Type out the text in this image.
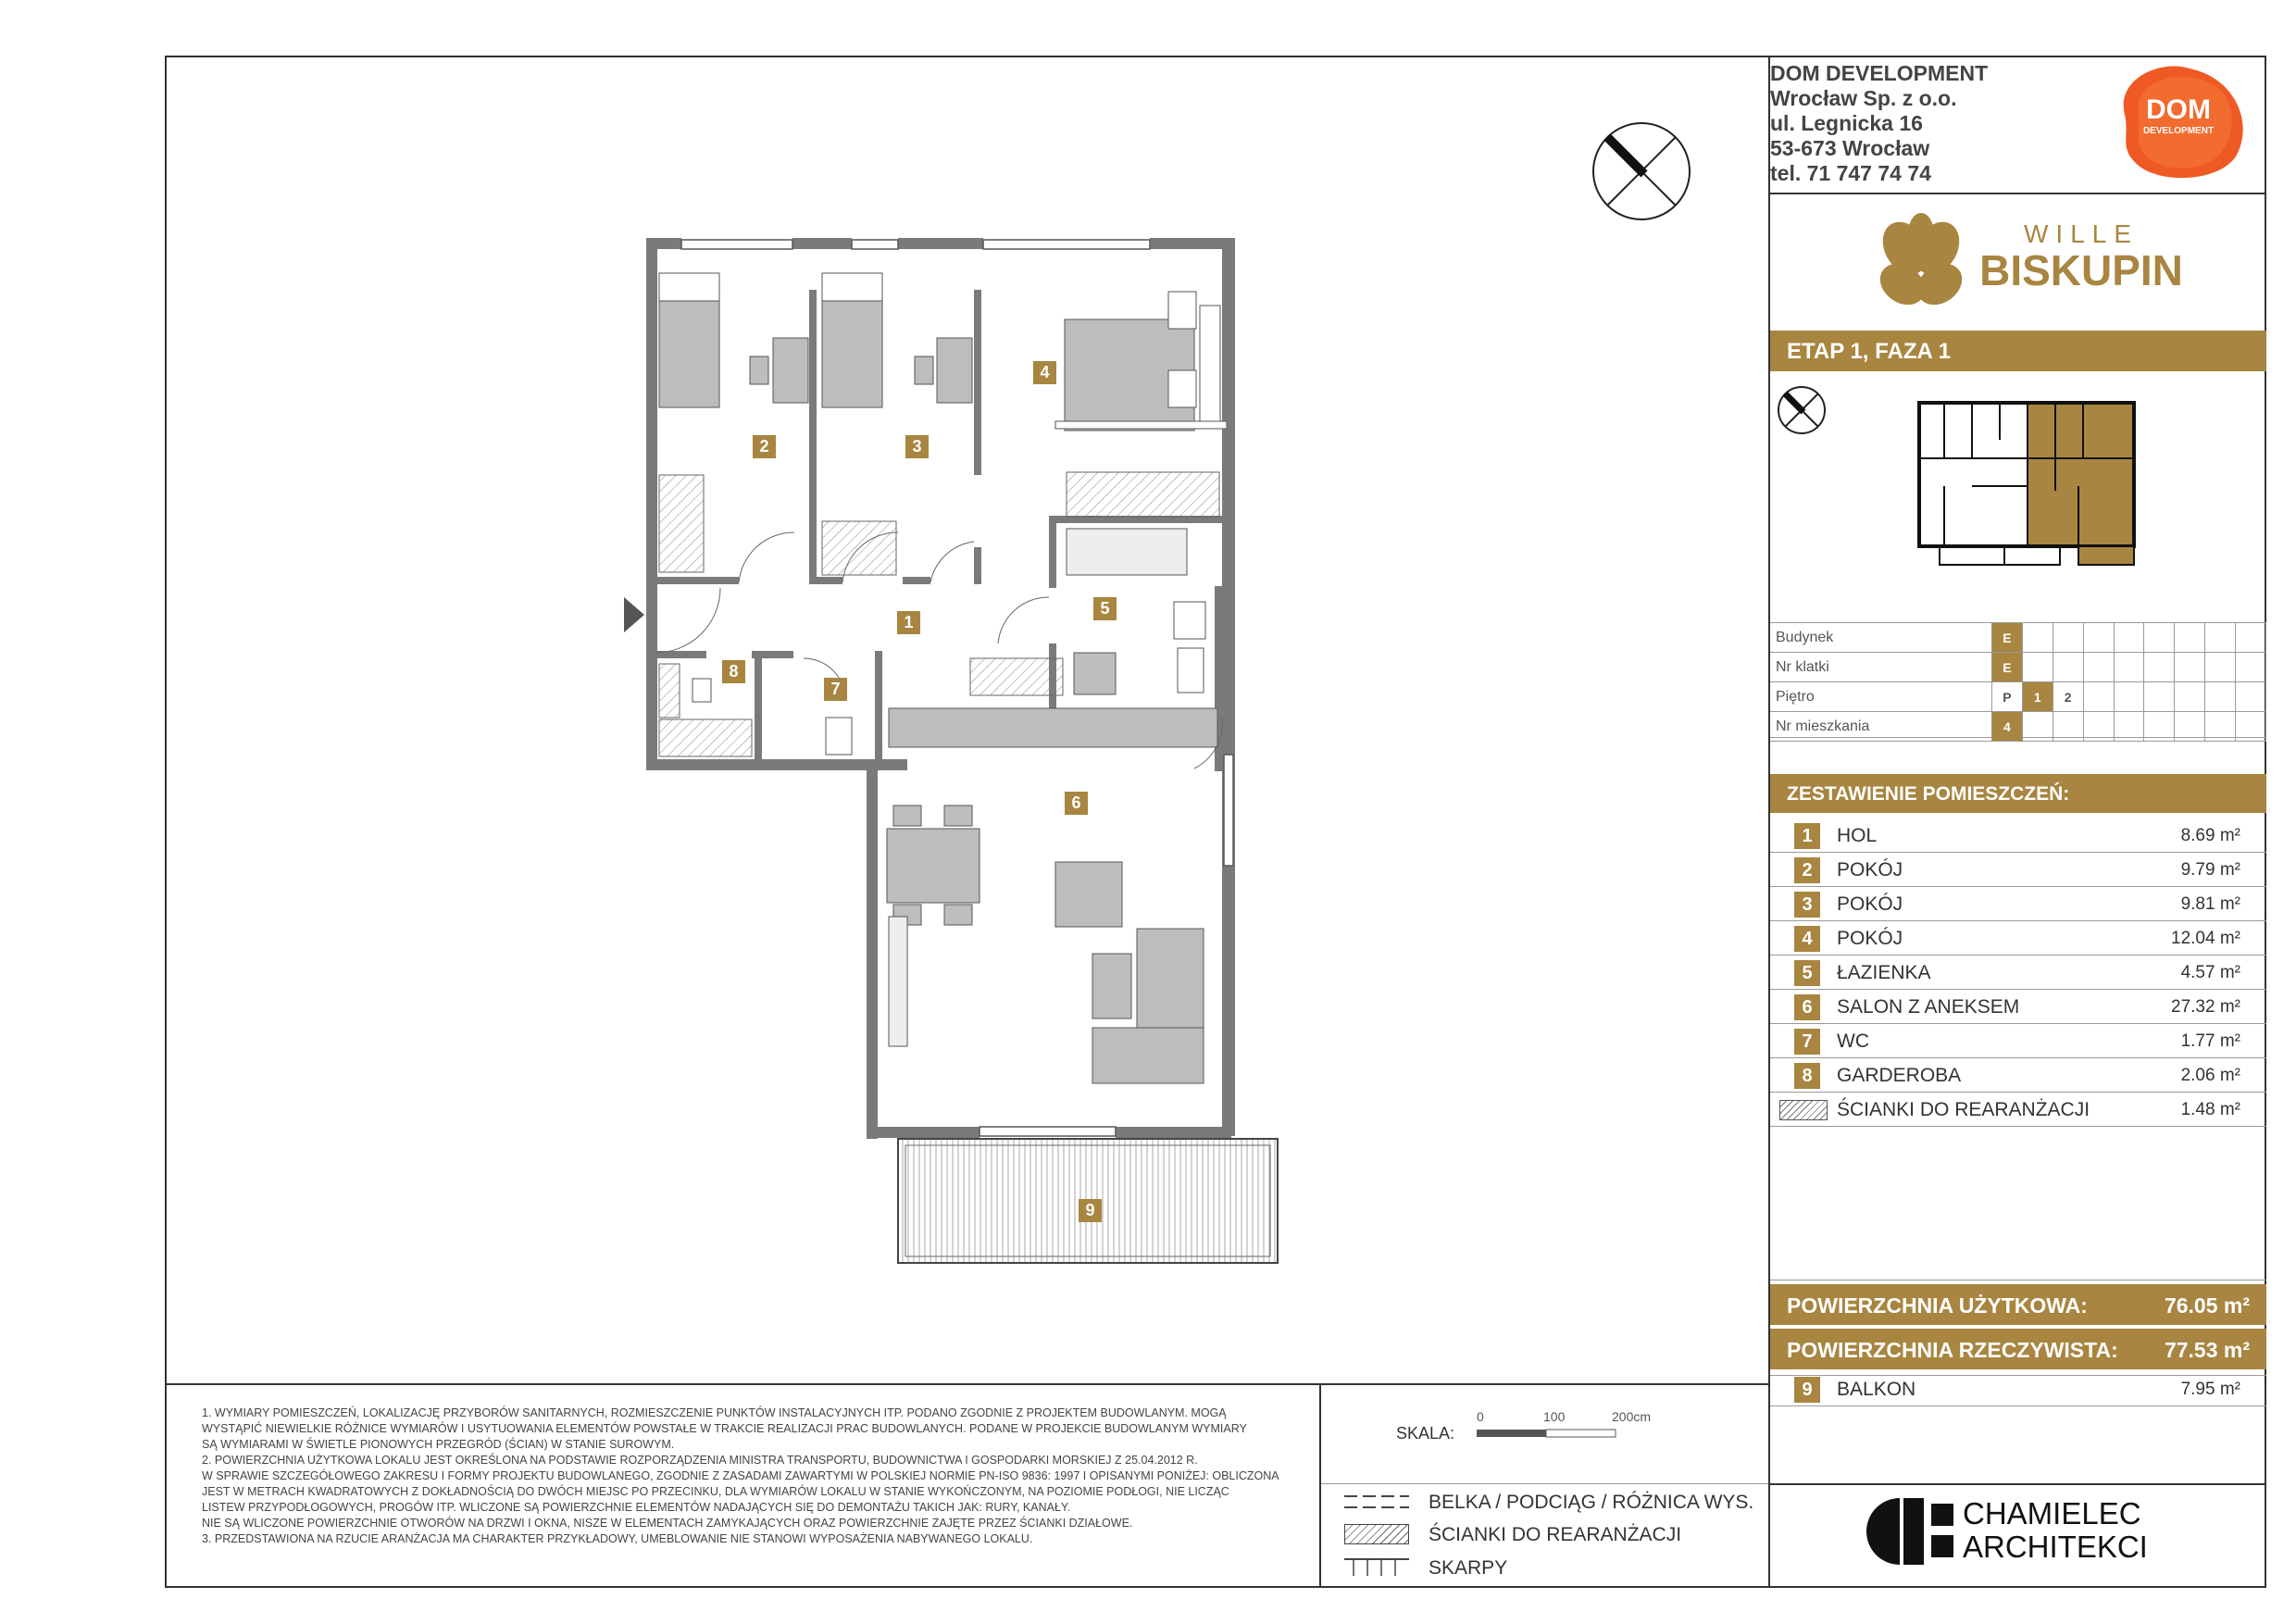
DOM DEVELOPMENT
Wrocław Sp. z o.o.
ul. Legnicka 16
53-673 Wrocław
tel. 71 747 74 74
DOM
DEVELOPMENT
WILLE
BISKUPIN
ETAP 1, FAZA 1
Budynek	E								
Nr klatki	E								
Piętro	P	1	2						
Nr mieszkania	4								
ZESTAWIENIE POMIESZCZEŃ:
1	HOL	8.69 m²
2	POKÓJ	9.79 m²
3	POKÓJ	9.81 m²
4	POKÓJ	12.04 m²
5	ŁAZIENKA	4.57 m²
6	SALON Z ANEKSEM	27.32 m²
7	WC	1.77 m²
8	GARDEROBA	2.06 m²
ŚCIANKI DO REARANŻACJI	1.48 m²
POWIERZCHNIA UŻYTKOWA:	76.05 m²
POWIERZCHNIA RZECZYWISTA: 77.53 m²
9	BALKON	7.95 m²
CHAMIELEC
ARCHITEKCI
1. WYMIARY POMIESZCZEŃ, LOKALIZACJĘ PRZYBORÓW SANITARNYCH, ROZMIESZCZENIE PUNKTÓW INSTALACYJNYCH ITP. PODANO ZGODNIE Z PROJEKTEM BUDOWLANYM. MOGĄ
WYSTĄPIĆ NIEWIELKIE RÓŻNICE WYMIARÓW I USYTUOWANIA ELEMENTÓW POWSTAŁE W TRAKCIE REALIZACJI PRAC BUDOWLANYCH. PODANE W PROJEKCIE BUDOWLANYM WYMIARY
SĄ WYMIARAMI W ŚWIETLE PIONOWYCH PRZEGRÓD (ŚCIAN) W STANIE SUROWYM.
2. POWIERZCHNIA UŻYTKOWA LOKALU JEST OKREŚLONA NA PODSTAWIE ROZPORZĄDZENIA MINISTRA TRANSPORTU, BUDOWNICTWA I GOSPODARKI MORSKIEJ Z 25.04.2012 R.
W SPRAWIE SZCZEGÓŁOWEGO ZAKRESU I FORMY PROJEKTU BUDOWLANEGO, ZGODNIE Z ZASADAMI ZAWARTYMI W POLSKIEJ NORMIE PN-ISO 9836: 1997 I OPISANYMI PONIŻEJ: OBLICZONA
JEST W METRACH KWADRATOWYCH Z DOKŁADNOŚCIĄ DO DWÓCH MIEJSC PO PRZECINKU, DLA WYMIARÓW LOKALU W STANIE WYKOŃCZONYM, NA POZIOMIE PODŁOGI, NIE LICZĄC
LISTEW PRZYPODŁOGOWYCH, PROGÓW ITP. WLICZONE SĄ POWIERZCHNIE ELEMENTÓW NADAJĄCYCH SIĘ DO DEMONTAŻU TAKICH JAK: RURY, KANAŁY.
NIE SĄ WLICZONE POWIERZCHNIE OTWORÓW NA DRZWI I OKNA, NISZE W ELEMENTACH ZAMYKAJĄCYCH ORAZ POWIERZCHNIE ZAJĘTE PRZEZ ŚCIANKI DZIAŁOWE.
3. PRZEDSTAWIONA NA RZUCIE ARANŻACJA MA CHARAKTER PRZYKŁADOWY, UMEBLOWANIE NIE STANOWI WYPOSAŻENIA NABYWANEGO LOKALU.
SKALA:
0	100	200cm
BELKA / PODCIĄG / RÓŻNICA WYS.
ŚCIANKI DO REARANŻACJI
SKARPY
1
2	3
4
5
6
7
8
9
